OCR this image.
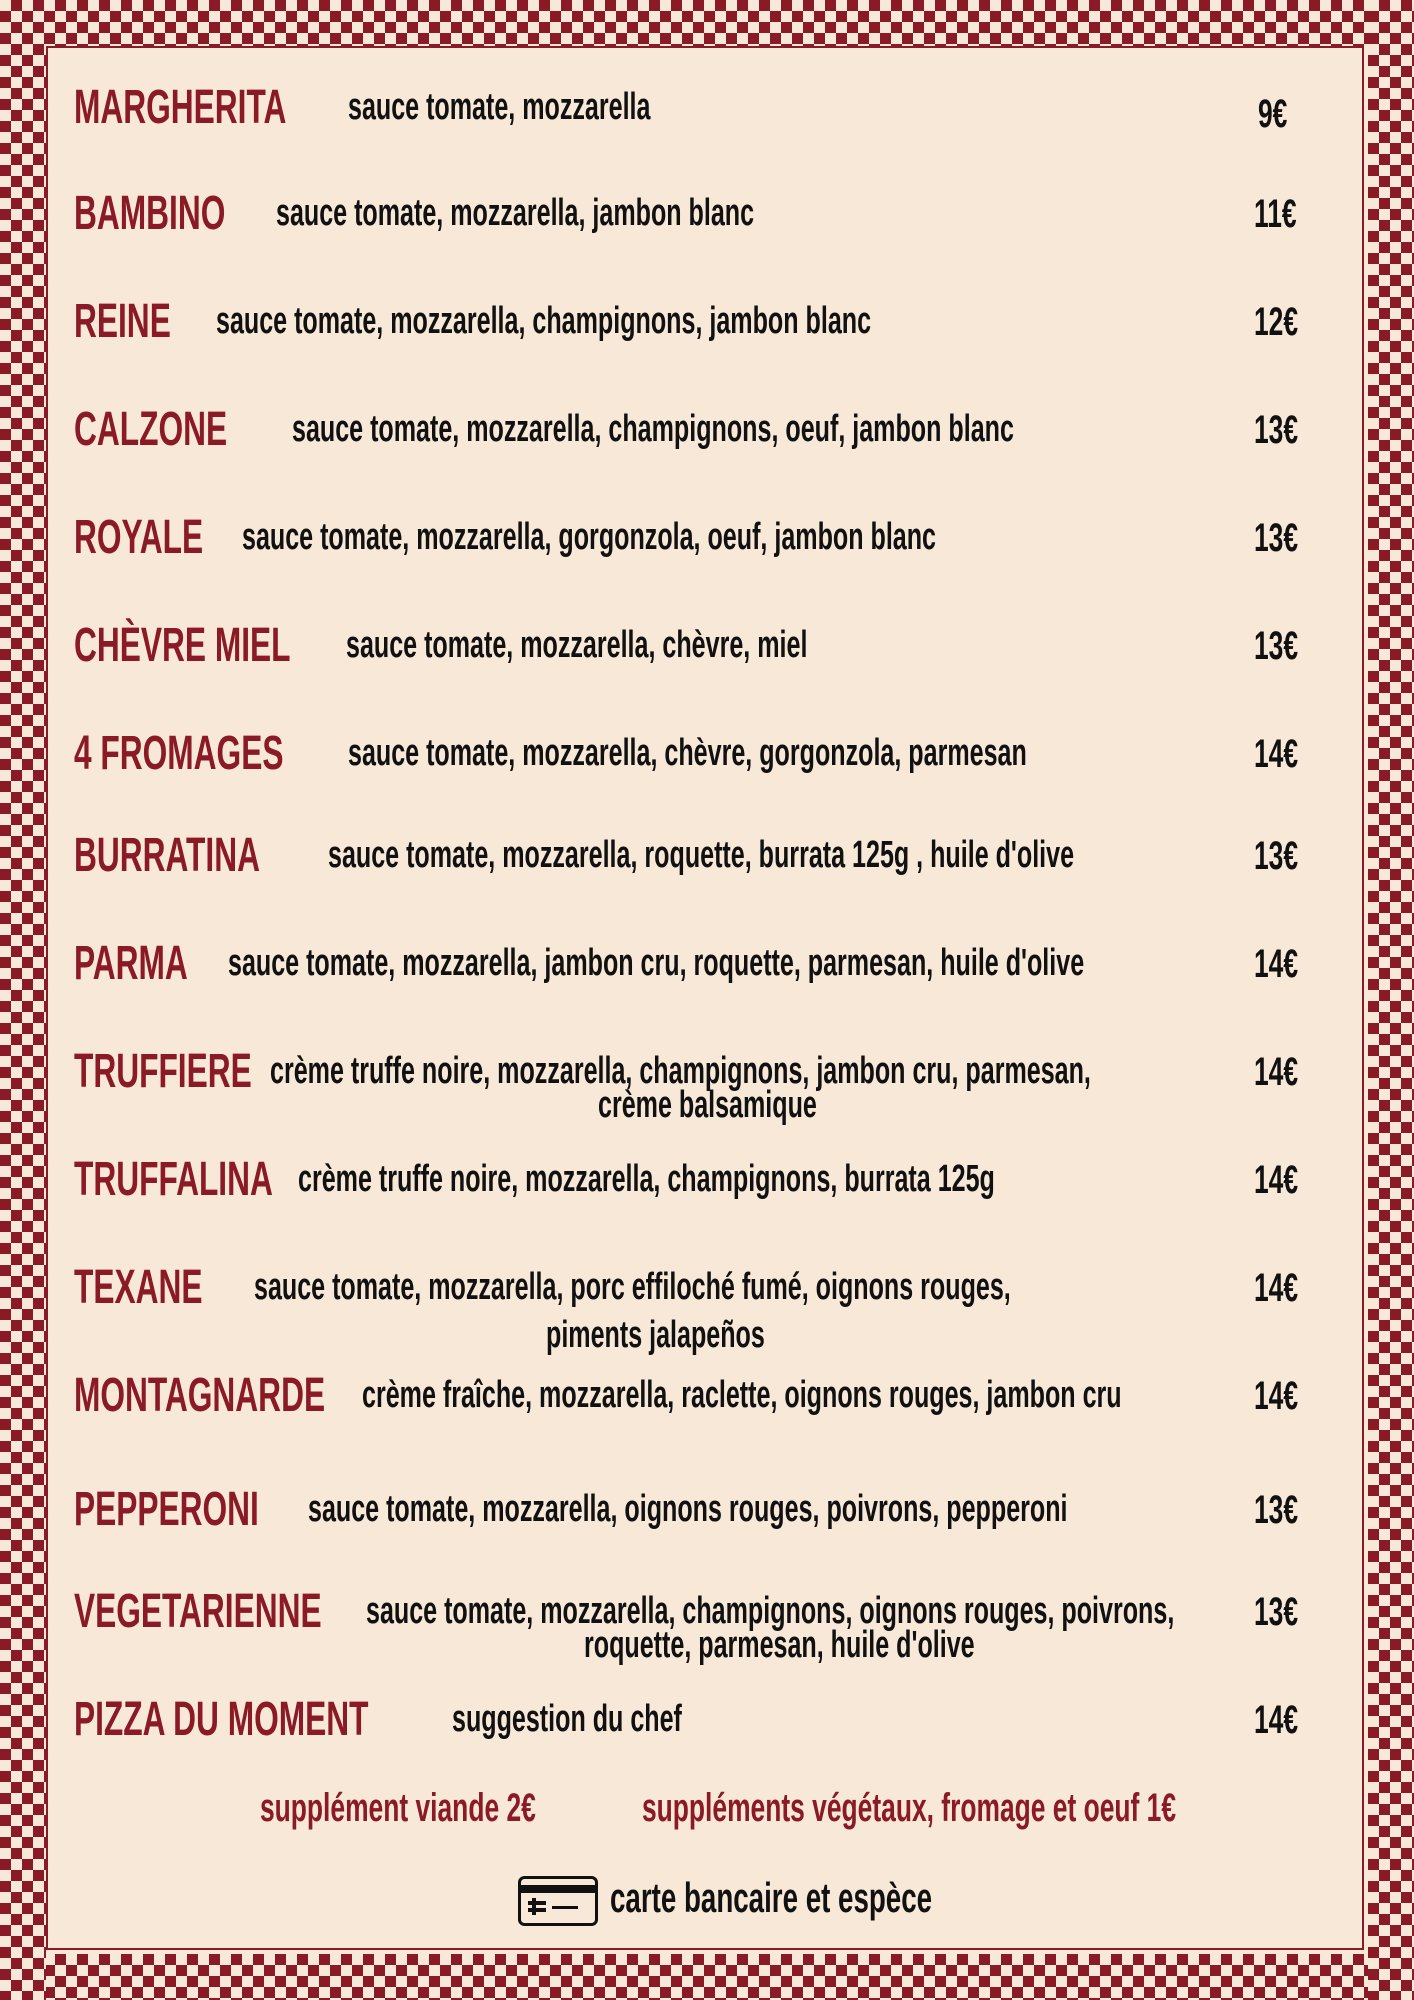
MARGHERITA sauce tomate, mozzarella	9€
BAMBINO sauce tomate, mozzarella, jambon blanc	11€
REINE sauce tomate, mozzarella, champignons, jambon blanc	12€
CALZONE sauce tomate, mozzarella, champignons, oeuf, jambon blanc	13€
ROYALE sauce tomate, mozzarella, gorgonzola, oeuf, jambon blanc	13€
CHÈVRE MIEL sauce tomate, mozzarella, chèvre, miel	13€
4 FROMAGES sauce tomate, mozzarella, chèvre, gorgonzola, parmesan	14€
BURRATINA sauce tomate, mozzarella, roquette, burrata 125g , huile d'olive	13€
PARMA sauce tomate, mozzarella, jambon cru, roquette, parmesan, huile d'olive	14€
TRUFFIERE crème truffe noire, mozzarella, champignons, jambon cru, parmesan,
crème balsamique
14€
TRUFFALINA crème truffe noire, mozzarella, champignons, burrata 125g	14€
TEXANE sauce tomate, mozzarella, porc effiloché fumé, oignons rouges,
piments jalapeños
14€
MONTAGNARDE crème fraîche, mozzarella, raclette, oignons rouges, jambon cru	14€
PEPPERONI sauce tomate, mozzarella, oignons rouges, poivrons, pepperoni	13€
VEGETARIENNE sauce tomate, mozzarella, champignons, oignons rouges, poivrons,
roquette, parmesan, huile d'olive
13€
PIZZA DU MOMENT suggestion du chef	14€
supplément viande 2€	suppléments végétaux, fromage et oeuf 1€
carte bancaire et espèce
